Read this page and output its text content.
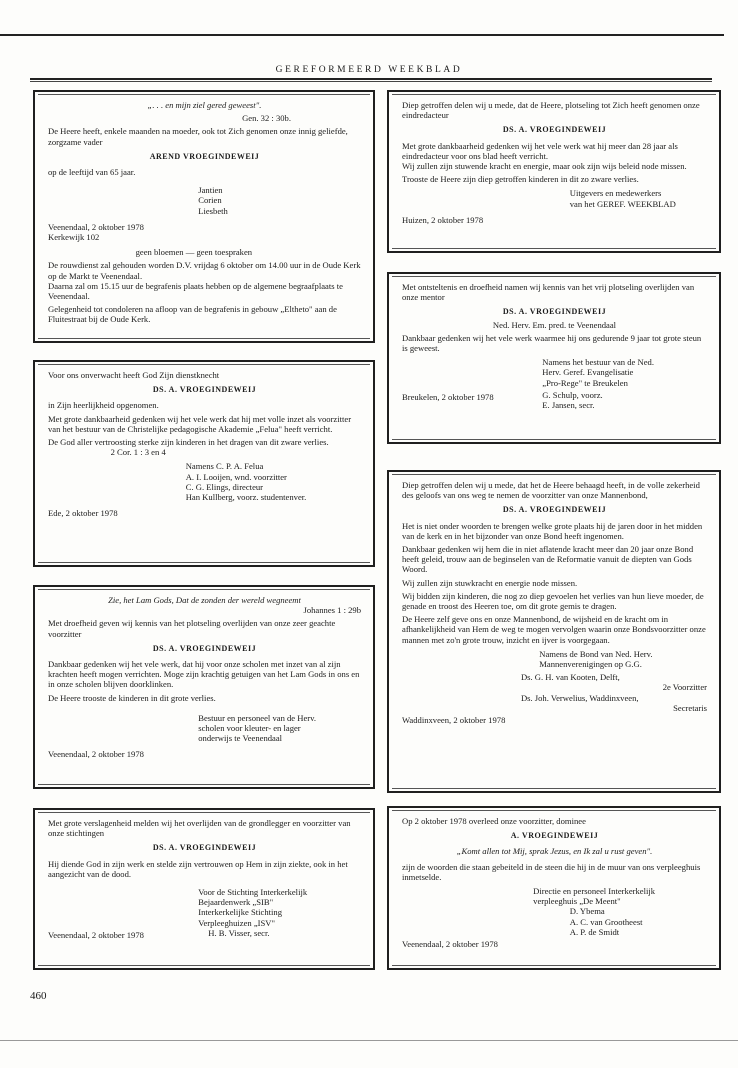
GEREFORMEERD WEEKBLAD

„. . . en mijn ziel gered geweest".

Gen. 32 : 30b.

De Heere heeft, enkele maanden na moeder, ook tot Zich genomen onze innig geliefde, zorgzame vader

AREND VROEGINDEWEIJ

op de leeftijd van 65 jaar.

Jantien
Corien
Liesbeth
Veenendaal, 2 oktober 1978
Kerkewijk 102

geen bloemen — geen toespraken

De rouwdienst zal gehouden worden D.V. vrijdag 6 oktober om 14.00 uur in de Oude Kerk op de Markt te Veenendaal.

Daarna zal om 15.15 uur de begrafenis plaats hebben op de algemene begraafplaats te Veenendaal.

Gelegenheid tot condoleren na afloop van de begrafenis in gebouw „Eltheto" aan de Fluitestraat bij de Oude Kerk.

Voor ons onverwacht heeft God Zijn dienstknecht

DS. A. VROEGINDEWEIJ

in Zijn heerlijkheid opgenomen.

Met grote dankbaarheid gedenken wij het vele werk dat hij met volle inzet als voorzitter van het bestuur van de Christelijke pedagogische Akademie „Felua" heeft verricht.

De God aller vertroosting sterke zijn kinderen in het dragen van dit zware verlies.

2 Cor. 1 : 3 en 4

Namens C. P. A. Felua
A. I. Looijen, wnd. voorzitter
C. G. Elings, directeur
Han Kullberg, voorz. studentenver.
Ede, 2 oktober 1978

Zie, het Lam Gods, Dat de zonden der wereld wegneemt

Johannes 1 : 29b

Met droefheid geven wij kennis van het plotseling overlijden van onze zeer geachte voorzitter

DS. A. VROEGINDEWEIJ

Dankbaar gedenken wij het vele werk, dat hij voor onze scholen met inzet van al zijn krachten heeft mogen verrichten. Moge zijn krachtig getuigen van het Lam Gods in ons en in onze scholen blijven doorklinken.

De Heere trooste de kinderen in dit grote verlies.

Bestuur en personeel van de Herv.
scholen voor kleuter- en lager
onderwijs te Veenendaal
Veenendaal, 2 oktober 1978

Met grote verslagenheid melden wij het overlijden van de grondlegger en voorzitter van onze stichtingen

DS. A. VROEGINDEWEIJ

Hij diende God in zijn werk en stelde zijn vertrouwen op Hem in zijn ziekte, ook in het aangezicht van de dood.

Voor de Stichting Interkerkelijk
Bejaardenwerk „SIB"
Interkerkelijke Stichting
Verpleeghuizen „ISV"
H. B. Visser, secr.
Veenendaal, 2 oktober 1978

Diep getroffen delen wij u mede, dat de Heere, plotseling tot Zich heeft genomen onze eindredacteur

DS. A. VROEGINDEWEIJ

Met grote dankbaarheid gedenken wij het vele werk wat hij meer dan 28 jaar als eindredacteur voor ons blad heeft verricht.

Wij zullen zijn stuwende kracht en energie, maar ook zijn wijs beleid node missen.

Trooste de Heere zijn diep getroffen kinderen in dit zo zware verlies.

Uitgevers en medewerkers
van het GEREF. WEEKBLAD
Huizen, 2 oktober 1978

Met ontsteltenis en droefheid namen wij kennis van het vrij plotseling overlijden van onze mentor

DS. A. VROEGINDEWEIJ

Ned. Herv. Em. pred. te Veenendaal

Dankbaar gedenken wij het vele werk waarmee hij ons gedurende 9 jaar tot grote steun is geweest.

Namens het bestuur van de Ned.
Herv. Geref. Evangelisatie
„Pro-Rege" te Breukelen
G. Schulp, voorz.
E. Jansen, secr.
Breukelen, 2 oktober 1978

Diep getroffen delen wij u mede, dat het de Heere behaagd heeft, in de volle zekerheid des geloofs van ons weg te nemen de voorzitter van onze Mannenbond,

DS. A. VROEGINDEWEIJ

Het is niet onder woorden te brengen welke grote plaats hij de jaren door in het midden van de kerk en in het bijzonder van onze Bond heeft ingenomen.

Dankbaar gedenken wij hem die in niet aflatende kracht meer dan 20 jaar onze Bond heeft geleid, trouw aan de beginselen van de Reformatie vanuit de diepten van Gods Woord.

Wij zullen zijn stuwkracht en energie node missen.

Wij bidden zijn kinderen, die nog zo diep gevoelen het verlies van hun lieve moeder, de genade en troost des Heeren toe, om dit grote gemis te dragen.

De Heere zelf geve ons en onze Mannenbond, de wijsheid en de kracht om in afhankelijkheid van Hem de weg te mogen vervolgen waarin onze Bondsvoorzitter onze mannen met zo'n grote trouw, inzicht en ijver is voorgegaan.

Namens de Bond van Ned. Herv.
Mannenverenigingen op G.G.
Ds. G. H. van Kooten, Delft,
2e Voorzitter
Ds. Joh. Verwelius, Waddinxveen,
Secretaris
Waddinxveen, 2 oktober 1978

Op 2 oktober 1978 overleed onze voorzitter, dominee

A. VROEGINDEWEIJ

„Komt allen tot Mij, sprak Jezus, en Ik zal u rust geven".

zijn de woorden die staan gebeiteld in de steen die hij in de muur van ons verpleeghuis inmetselde.

Directie en personeel Interkerkelijk
verpleeghuis „De Meent"
D. Ybema
A. C. van Grootheest
A. P. de Smidt
Veenendaal, 2 oktober 1978
460
